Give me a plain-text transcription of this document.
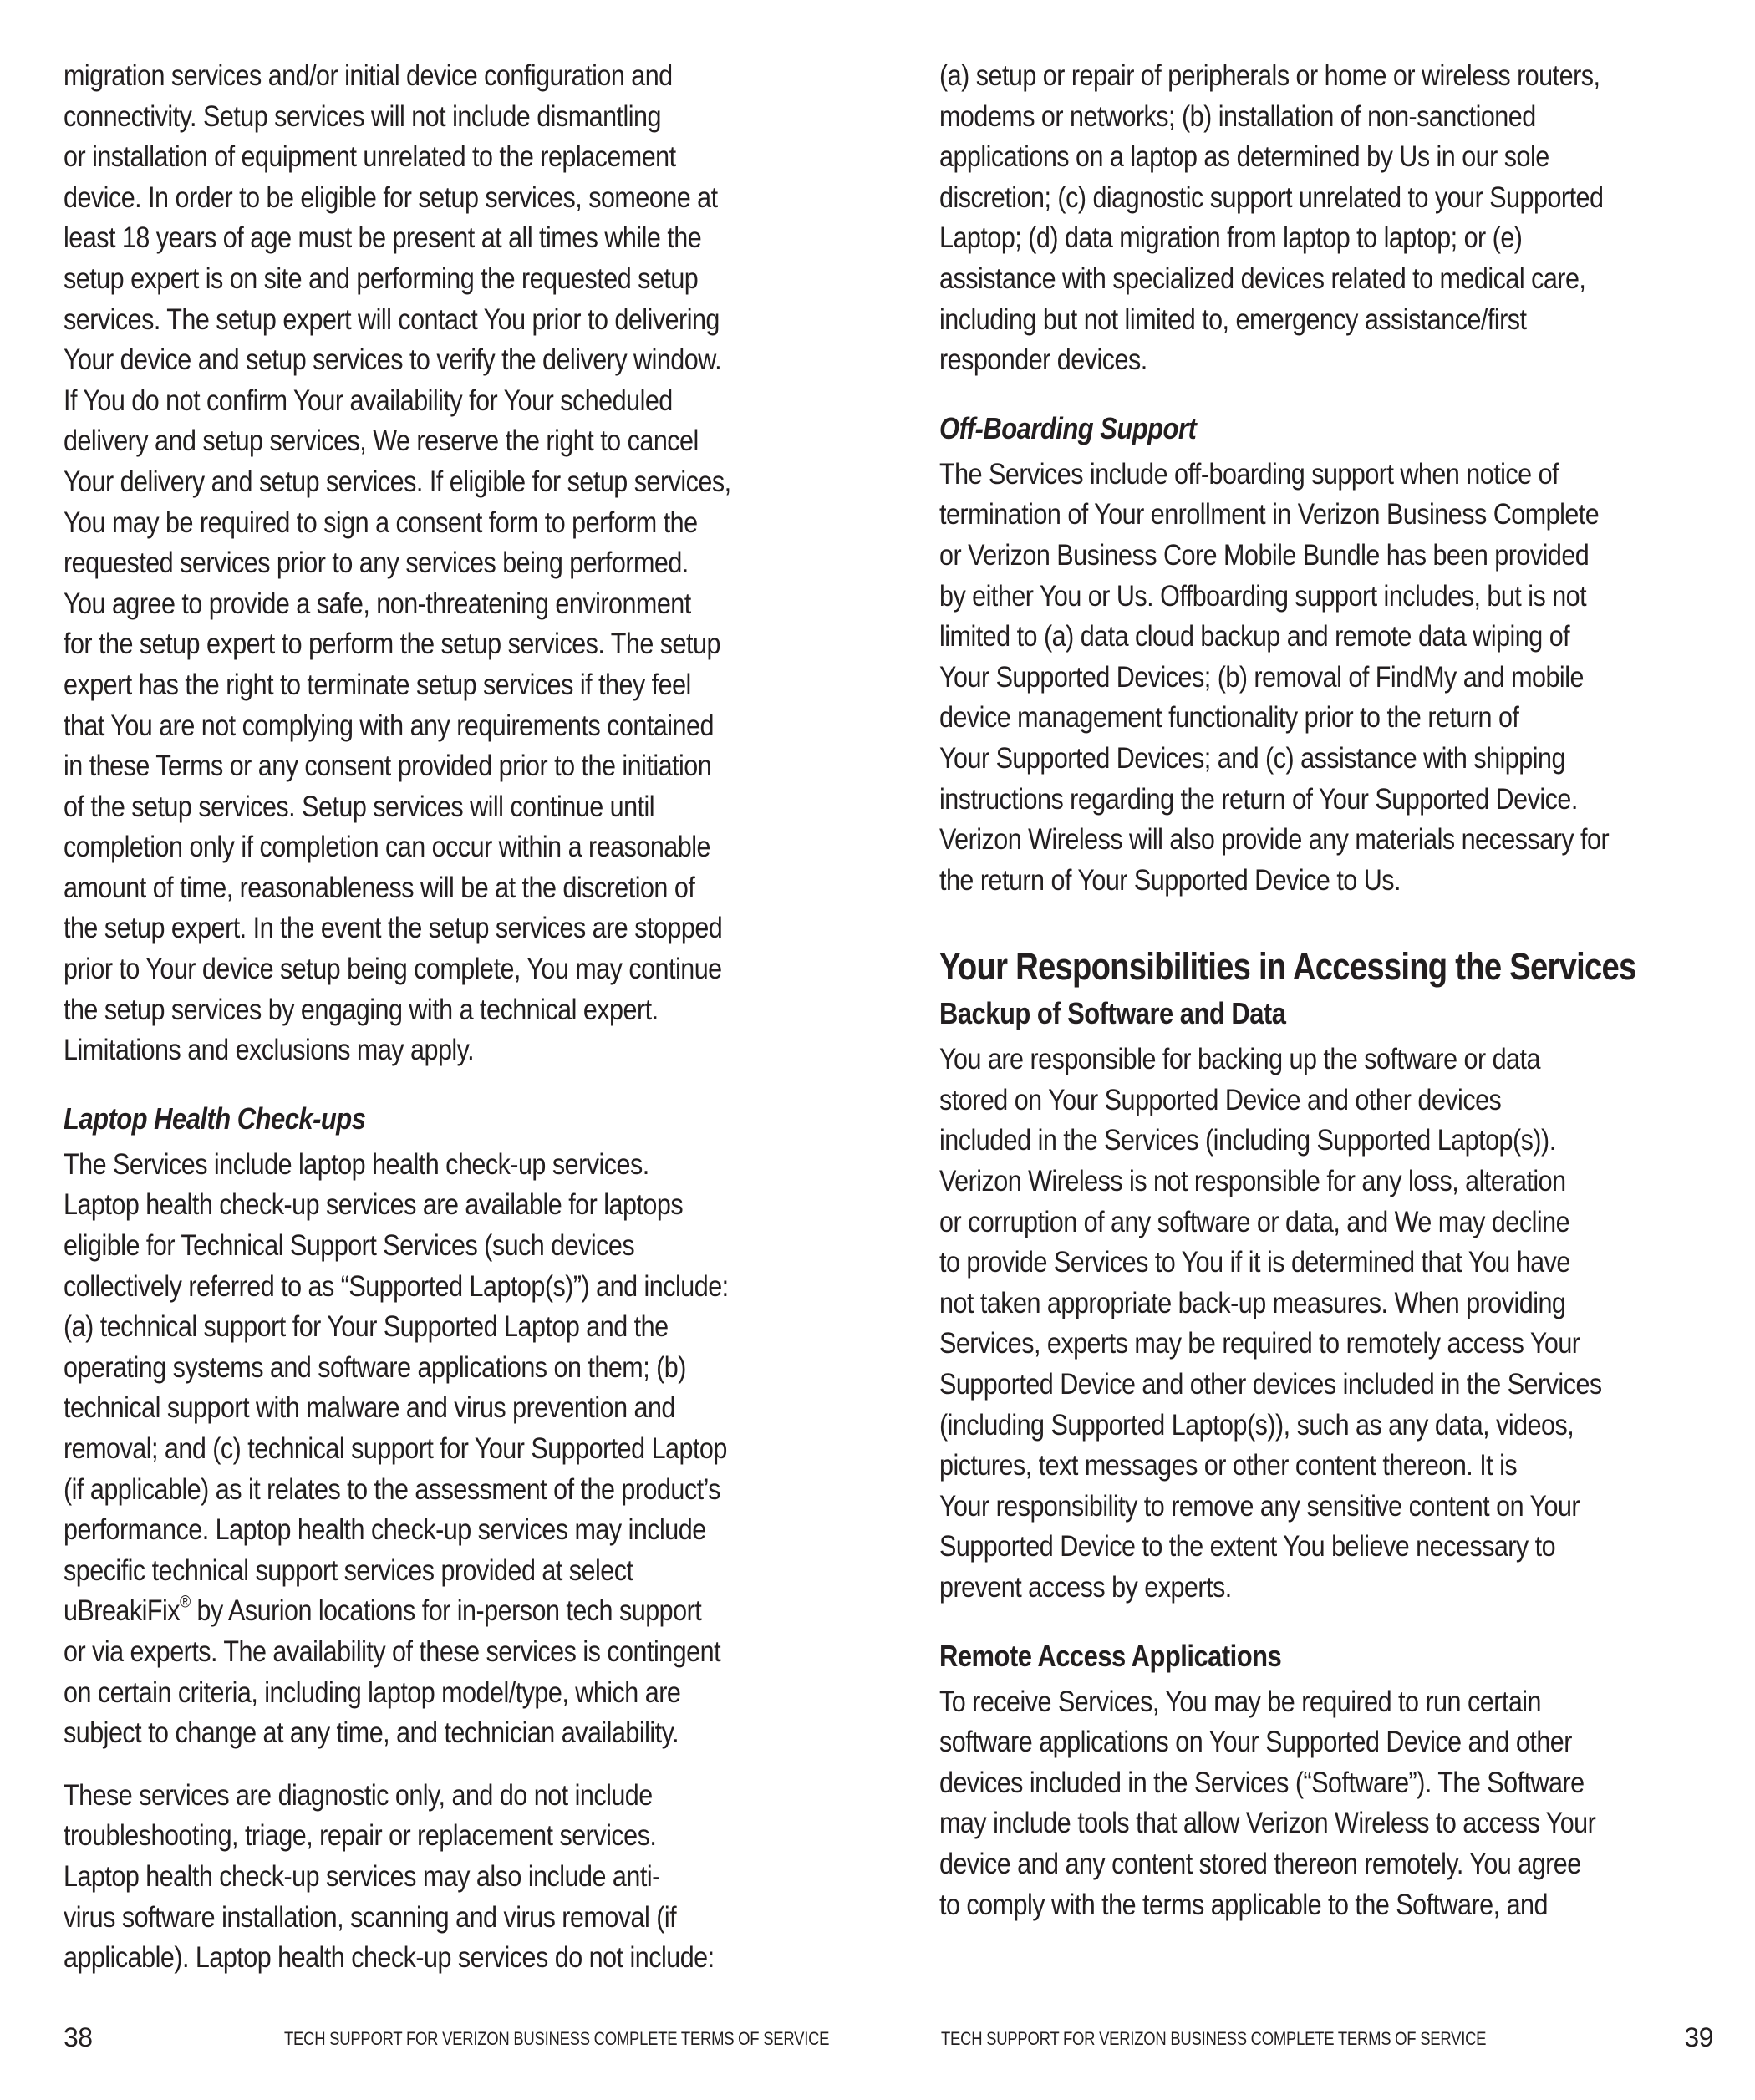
migration services and/or initial device configuration and
connectivity. Setup services will not include dismantling
or installation of equipment unrelated to the replacement
device. In order to be eligible for setup services, someone at
least 18 years of age must be present at all times while the
setup expert is on site and performing the requested setup
services. The setup expert will contact You prior to delivering
Your device and setup services to verify the delivery window.
If You do not confirm Your availability for Your scheduled
delivery and setup services, We reserve the right to cancel
Your delivery and setup services. If eligible for setup services,
You may be required to sign a consent form to perform the
requested services prior to any services being performed.
You agree to provide a safe, non-threatening environment
for the setup expert to perform the setup services. The setup
expert has the right to terminate setup services if they feel
that You are not complying with any requirements contained
in these Terms or any consent provided prior to the initiation
of the setup services. Setup services will continue until
completion only if completion can occur within a reasonable
amount of time, reasonableness will be at the discretion of
the setup expert. In the event the setup services are stopped
prior to Your device setup being complete, You may continue
the setup services by engaging with a technical expert.
Limitations and exclusions may apply.

Laptop Health Check-ups

The Services include laptop health check-up services.
Laptop health check-up services are available for laptops
eligible for Technical Support Services (such devices
collectively referred to as “Supported Laptop(s)”) and include:
(a) technical support for Your Supported Laptop and the
operating systems and software applications on them; (b)
technical support with malware and virus prevention and
removal; and (c) technical support for Your Supported Laptop
(if applicable) as it relates to the assessment of the product’s
performance. Laptop health check-up services may include
specific technical support services provided at select
uBreakiFix® by Asurion locations for in-person tech support
or via experts. The availability of these services is contingent
on certain criteria, including laptop model/type, which are
subject to change at any time, and technician availability.

These services are diagnostic only, and do not include
troubleshooting, triage, repair or replacement services.
Laptop health check-up services may also include anti-
virus software installation, scanning and virus removal (if
applicable). Laptop health check-up services do not include:

38	TECH SUPPORT FOR VERIZON BUSINESS COMPLETE TERMS OF SERVICE

(a) setup or repair of peripherals or home or wireless routers,
modems or networks; (b) installation of non-sanctioned
applications on a laptop as determined by Us in our sole
discretion; (c) diagnostic support unrelated to your Supported
Laptop; (d) data migration from laptop to laptop; or (e)
assistance with specialized devices related to medical care,
including but not limited to, emergency assistance/first
responder devices.

Off-Boarding Support

The Services include off-boarding support when notice of
termination of Your enrollment in Verizon Business Complete
or Verizon Business Core Mobile Bundle has been provided
by either You or Us. Offboarding support includes, but is not
limited to (a) data cloud backup and remote data wiping of
Your Supported Devices; (b) removal of FindMy and mobile
device management functionality prior to the return of
Your Supported Devices; and (c) assistance with shipping
instructions regarding the return of Your Supported Device.
Verizon Wireless will also provide any materials necessary for
the return of Your Supported Device to Us.

Your Responsibilities in Accessing the Services
Backup of Software and Data

You are responsible for backing up the software or data
stored on Your Supported Device and other devices
included in the Services (including Supported Laptop(s)).
Verizon Wireless is not responsible for any loss, alteration
or corruption of any software or data, and We may decline
to provide Services to You if it is determined that You have
not taken appropriate back-up measures. When providing
Services, experts may be required to remotely access Your
Supported Device and other devices included in the Services
(including Supported Laptop(s)), such as any data, videos,
pictures, text messages or other content thereon. It is
Your responsibility to remove any sensitive content on Your
Supported Device to the extent You believe necessary to
prevent access by experts.

Remote Access Applications

To receive Services, You may be required to run certain
software applications on Your Supported Device and other
devices included in the Services (“Software”). The Software
may include tools that allow Verizon Wireless to access Your
device and any content stored thereon remotely. You agree
to comply with the terms applicable to the Software, and

TECH SUPPORT FOR VERIZON BUSINESS COMPLETE TERMS OF SERVICE	39
